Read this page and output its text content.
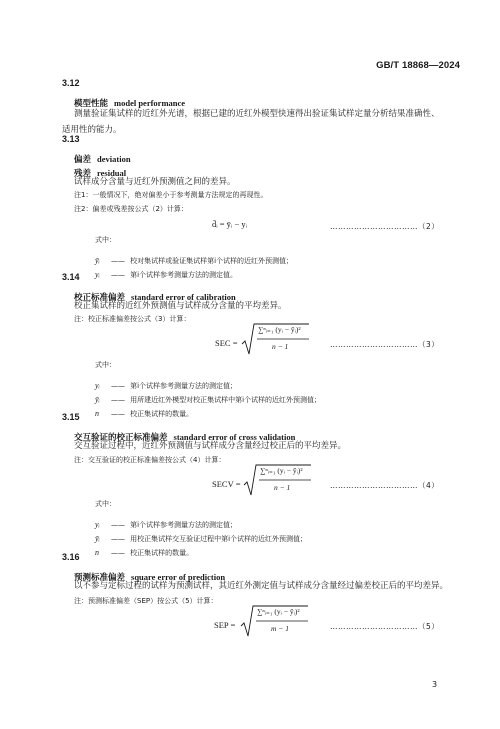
GB/T 18868—2024
3.12
模型性能 model performance
测量验证集试样的近红外光谱，根据已建的近红外模型快速得出验证集试样定量分析结果准确性、
适用性的能力。
3.13
偏差 deviation
残差 residual
试样成分含量与近红外预测值之间的差异。
注1：一般情况下，绝对偏差小于参考测量方法规定的再现性。
注2：偏差或残差按公式（2）计算：
d̄ᵢ = ȳᵢ − yᵢ	……………………………（2）
式中：
ȳᵢ —— 校对集试样或验证集试样第i个试样的近红外预测值；
yᵢ —— 第i个试样参考测量方法的测定值。
3.14
校正标准偏差 standard error of calibration
校正集试样的近红外预测值与试样成分含量的平均差异。
注：校正标准偏差按公式（3）计算：
SEC =
∑ⁿᵢ₌₁ (yᵢ − ȳᵢ)²
n − 1	……………………………（3）
式中：
yᵢ —— 第i个试样参考测量方法的测定值；
ȳᵢ —— 用所建近红外模型对校正集试样中第i个试样的近红外预测值；
n —— 校正集试样的数量。
3.15
交互验证的校正标准偏差 standard error of cross validation
交互验证过程中，近红外预测值与试样成分含量经过校正后的平均差异。
注：交互验证的校正标准偏差按公式（4）计算：
SECV =
∑ⁿᵢ₌₁ (yᵢ − ȳᵢ)²
n − 1	……………………………（4）
式中：
yᵢ —— 第i个试样参考测量方法的测定值；
ȳᵢ —— 用校正集试样交互验证过程中第i个试样的近红外预测值；
n —— 校正集试样的数量。
3.16
预测标准偏差 square error of prediction
以不参与定标过程的试样为预测试样，其近红外测定值与试样成分含量经过偏差校正后的平均差异。
注：预测标准偏差（SEP）按公式（5）计算：
SEP =
∑ⁿᵢ₌₁ (yᵢ − ȳᵢ)²
m − 1	……………………………（5）
3
